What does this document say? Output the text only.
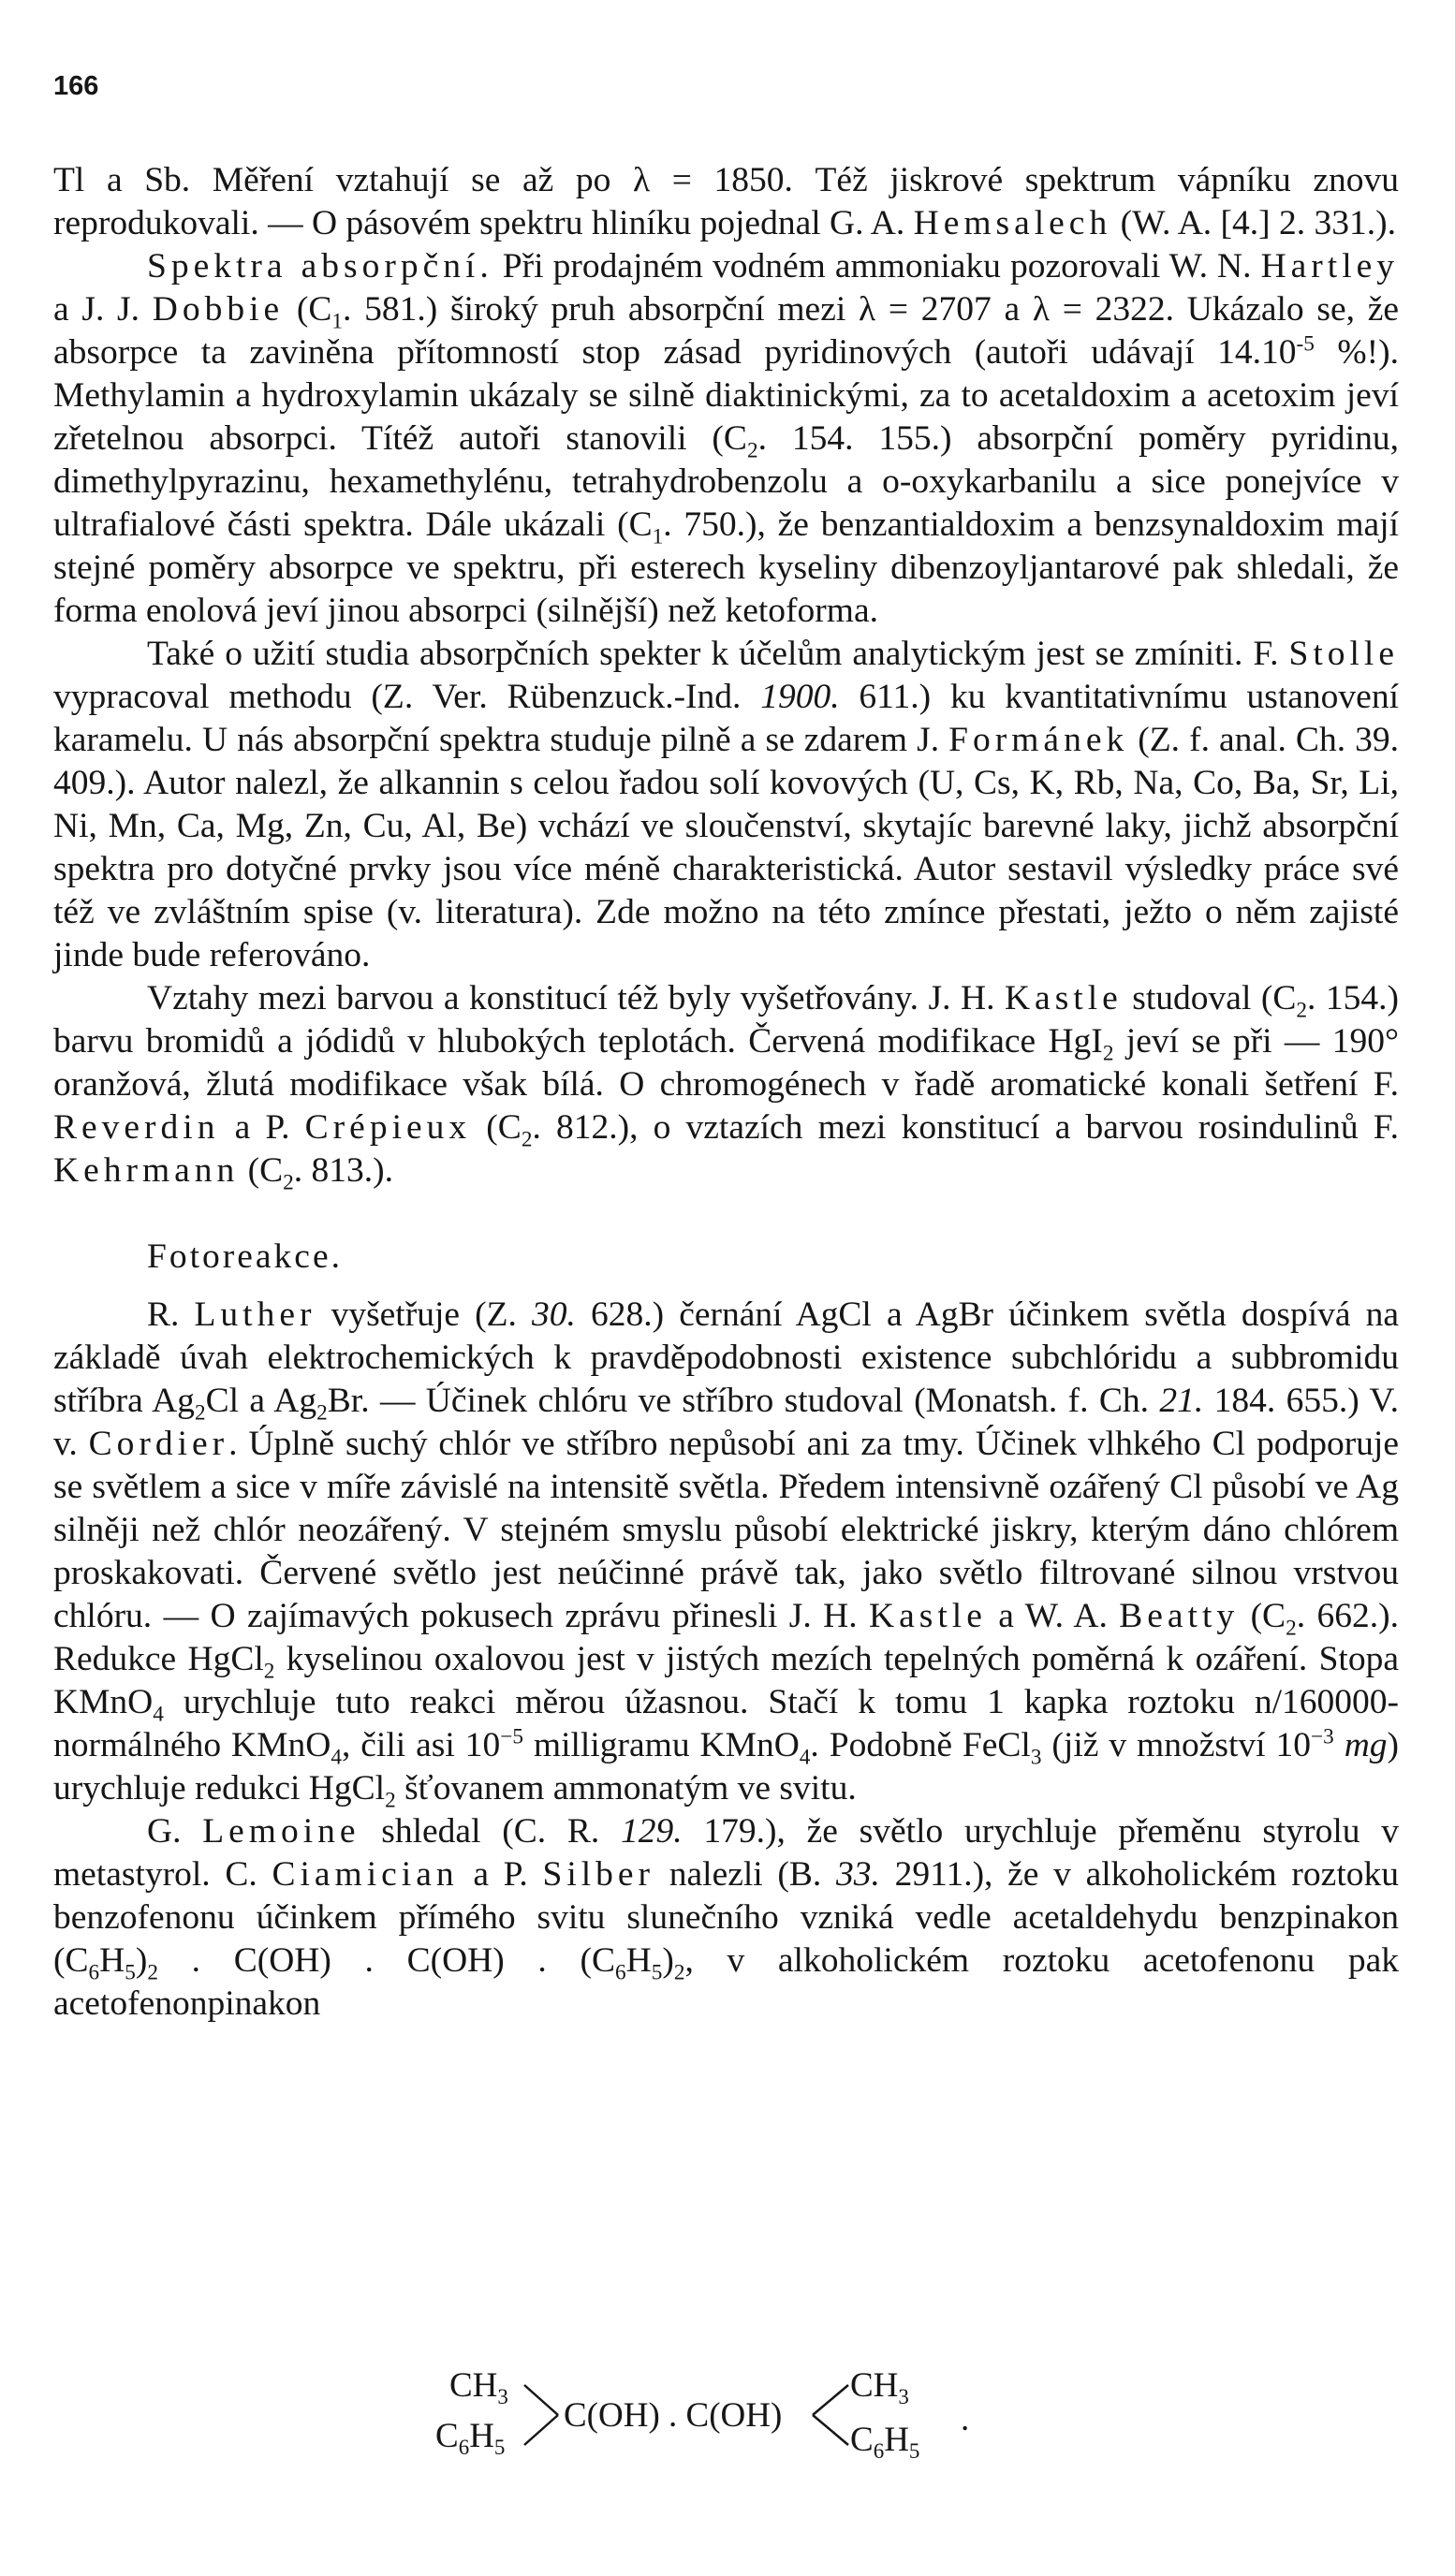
166

Tl a Sb. Měření vztahují se až po λ = 1850. Též jiskrové spektrum vápníku znovu reprodukovali. — O pásovém spektru hliníku pojednal G. A. Hemsalech (W. A. [4.] 2. 331.).

Spektra absorpční. Při prodajném vodném ammoniaku pozorovali W. N. Hartley a J. J. Dobbie ($C_1$. 581.) široký pruh absorpční mezi λ = 2707 a λ = 2322. Ukázalo se, že absorpce ta zaviněna přítomností stop zásad pyridinových (autoři udávají $14.10^{-5}$ %!). Methylamin a hydroxylamin ukázaly se silně diaktinickými, za to acetaldoxim a acetoxim jeví zřetelnou absorpci. Títéž autoři stanovili ($C_2$. 154. 155.) absorpční poměry pyridinu, dimethylpyrazinu, hexamethylénu, tetrahydrobenzolu a o-oxykarbanilu a sice ponejvíce v ultrafialové části spektra. Dále ukázali ($C_1$. 750.), že benzantialdoxim a benzsynaldoxim mají stejné poměry absorpce ve spektru, při esterech kyseliny dibenzoyljantarové pak shledali, že forma enolová jeví jinou absorpci (silnější) než ketoforma.

Také o užití studia absorpčních spekter k účelům analytickým jest se zmíniti. F. Stolle vypracoval methodu (Z. Ver. Rübenzuck.-Ind. 1900. 611.) ku kvantitativnímu ustanovení karamelu. U nás absorpční spektra studuje pilně a se zdarem J. Formánek (Z. f. anal. Ch. 39. 409.). Autor nalezl, že alkannin s celou řadou solí kovových (U, Cs, K, Rb, Na, Co, Ba, Sr, Li, Ni, Mn, Ca, Mg, Zn, Cu, Al, Be) vchází ve sloučenství, skytajíc barevné laky, jichž absorpční spektra pro dotyčné prvky jsou více méně charakteristická. Autor sestavil výsledky práce své též ve zvláštním spise (v. literatura). Zde možno na této zmínce přestati, ježto o něm zajisté jinde bude referováno.

Vztahy mezi barvou a konstitucí též byly vyšetřovány. J. H. Kastle studoval ($C_2$. 154.) barvu bromidů a jódidů v hlubokých teplotách. Červená modifikace HgI$_2$ jeví se při — 190° oranžová, žlutá modifikace však bílá. O chromogénech v řadě aromatické konali šetření F. Reverdin a P. Crépieux ($C_2$. 812.), o vztazích mezi konstitucí a barvou rosindulinů F. Kehrmann ($C_2$. 813.).

Fotoreakce.

R. Luther vyšetřuje (Z. 30. 628.) černání AgCl a AgBr účinkem světla dospívá na základě úvah elektrochemických k pravděpodobnosti existence subchlóridu a subbromidu stříbra $Ag_2Cl$ a $Ag_2Br$. — Účinek chlóru ve stříbro studoval (Monatsh. f. Ch. 21. 184. 655.) V. v. Cordier. Úplně suchý chlór ve stříbro nepůsobí ani za tmy. Účinek vlhkého Cl podporuje se světlem a sice v míře závislé na intensitě světla. Předem intensivně ozářený Cl působí ve Ag silněji než chlór neozářený. V stejném smyslu působí elektrické jiskry, kterým dáno chlórem proskakovati. Červené světlo jest neúčinné právě tak, jako světlo filtrované silnou vrstvou chlóru. — O zajímavých pokusech zprávu přinesli J. H. Kastle a W. A. Beatty ($C_2$. 662.). Redukce HgCl$_2$ kyselinou oxalovou jest v jistých mezích tepelných poměrná k ozáření. Stopa KMnO$_4$ urychluje tuto reakci měrou úžasnou. Stačí k tomu 1 kapka roztoku n/160000-normálného KMnO$_4$, čili asi $10^{-5}$ milligramu KMnO$_4$. Podobně FeCl$_3$ (již v množství $10^{-3}$ mg) urychluje redukci HgCl$_2$ šťovanem ammonatým ve svitu.

G. Lemoine shledal (C. R. 129. 179.), že světlo urychluje přeměnu styrolu v metastyrol. C. Ciamician a P. Silber nalezli (B. 33. 2911.), že v alkoholickém roztoku benzofenonu účinkem přímého svitu slunečního vzniká vedle acetaldehydu benzpinakon $(C_6H_5)_2$ . C(OH) . C(OH) . $(C_6H_5)_2$, v alkoholickém roztoku acetofenonu pak acetofenonpinakon

$CH_3$
$C_6H_5$
C(OH) . C(OH)
$CH_3$
$C_6H_5$
.
